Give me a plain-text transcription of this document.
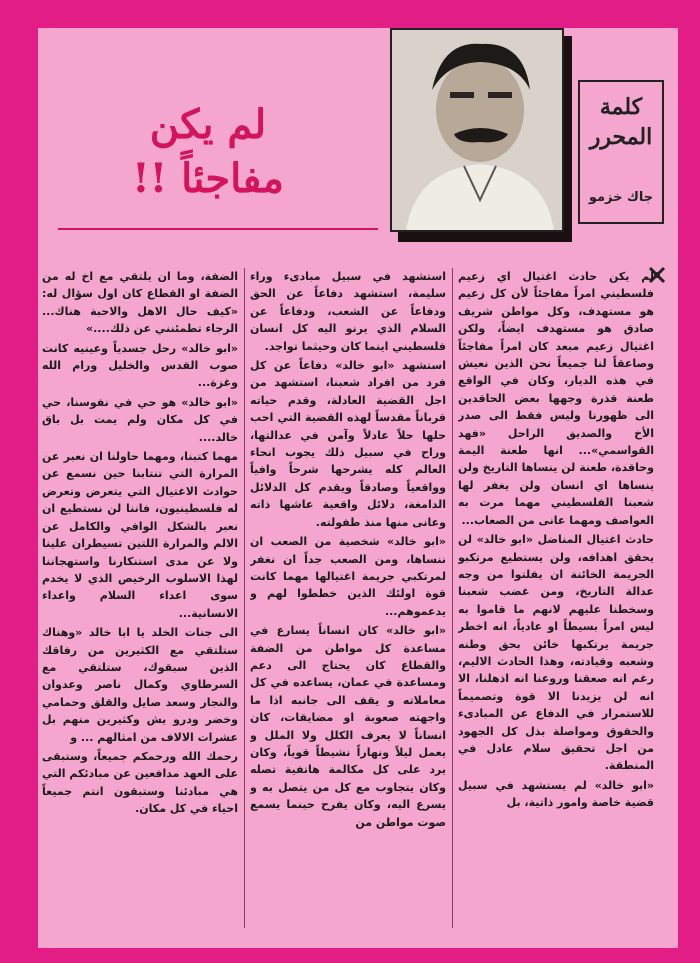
كلمة
المحرر
جاك خزمو
لم يكن
مفاجئاً !!

لم يكن حادث اغتيال اي زعيم فلسطيني امراً مفاجئاً لأن كل زعيم هو مستهدف، وكل مواطن شريف صادق هو مستهدف ايضاً، ولكن اغتيال زعيم مبعد كان امراً مفاجئاً وصاعقاً لنا جميعاً نحن الذين نعيش في هذه الديار، وكان في الواقع طعنة قذرة وجهها بعض الحاقدين الى ظهورنا وليس فقط الى صدر الأخ والصديق الراحل «فهد القواسمي»... انها طعنة اليمة وحاقدة، طعنة لن ينساها التاريخ ولن ينساها اي انسان ولن يغفر لها شعبنا الفلسطيني مهما مرت به العواصف ومهما عانى من الصعاب...

حادث اغتيال المناضل «ابو خالد» لن يحقق اهدافه، ولن يستطيع مرتكبو الجريمة الخائنة ان يفلتوا من وجه عدالة التاريخ، ومن غضب شعبنا وسخطنا عليهم لانهم ما قاموا به ليس امراً بسيطاً او عادياً، انه اخطر جريمة يرتكبها خائن بحق وطنه وشعبه وقيادته، وهذا الحادث الاليم، رغم انه صعقنا وروعنا انه اذهلنا، الا انه لن يزيدنا الا قوة وتصميماً للاستمرار في الدفاع عن المبادىء والحقوق ومواصلة بذل كل الجهود من اجل تحقيق سلام عادل في المنطقة.

«ابو خالد» لم يستشهد في سبيل قضية خاصة وامور ذاتية، بل

استشهد في سبيل مبادىء وراء سليمة، استشهد دفاعاً عن الحق ودفاعاً عن الشعب، ودفاعاً عن السلام الذي يرنو اليه كل انسان فلسطيني اينما كان وحيثما تواجد.

استشهد «ابو خالد» دفاعاً عن كل فرد من افراد شعبنا، استشهد من اجل القضية العادلة، وقدم حياته قرباناً مقدساً لهذه القضية التي احب حلها حلاً عادلاً وآمن في عدالتها، وراح في سبيل ذلك يجوب انحاء العالم كله يشرحها شرحاً وافياً وواقعياً وصادقاً ويقدم كل الدلائل الدامغة، دلائل واقعية عاشها ذاته وعانى منها منذ طفولته.

«ابو خالد» شخصية من الصعب ان ننساها، ومن الصعب جداً ان نغفر لمرتكبي جريمة اغتيالها مهما كانت قوة اولئك الذين خططوا لهم و يدعموهم...

«ابو خالد» كان انساناً يسارع في مساعدة كل مواطن من الضفة والقطاع كان يحتاج الى دعم ومساعدة في عمان، يساعده في كل معاملاته و يقف الى جانبه اذا ما واجهته صعوبة او مضايقات، كان انساناً لا يعرف الكلل ولا الملل و يعمل ليلاً ونهاراً نشيطاً قوياً، وكان يرد على كل مكالمة هاتفية تصله وكان يتجاوب مع كل من يتصل به و يسرع اليه، وكان يفرح حينما يسمع صوت مواطن من

الضفة، وما ان يلتقي مع اخ له من الضفة او القطاع كان اول سؤال له: «كيف حال الاهل والاحبة هناك... الرجاء تطمئنني عن ذلك....»

«ابو خالد» رحل جسدياً وعينيه كانت صوب القدس والخليل ورام الله وغزة...

«ابو خالد» هو حي في نفوسنا، حي في كل مكان ولم يمت بل باق خالد....

مهما كتبنا، ومهما حاولنا ان نعبر عن المرارة التي تنتابنا حين نسمع عن حوادث الاغتيال التي يتعرض وتعرض له فلسطينيون، فاننا لن نستطيع ان نعبر بالشكل الوافي والكامل عن الالم والمرارة اللتين تسيطران علينا ولا عن مدى استنكارنا واستهجاننا لهذا الاسلوب الرخيص الذي لا يخدم سوى اعداء السلام واعداء الانسانية...

الى جنات الخلد يا ابا خالد «وهناك ستلتقي مع الكثيرين من رفاقك الذين سبقوك، ستلتقي مع السرطاوي وكمال ناصر وعدوان والنجار وسعد صايل والقلق وحمامي وخضر ودرو يش وكثيرين منهم بل عشرات الالاف من امثالهم ... و

رحمك الله ورحمكم جميعاً، وستبقى على العهد مدافعين عن مبادئكم التي هي مبادئنا وستبقون انتم جميعاً احياء في كل مكان.
